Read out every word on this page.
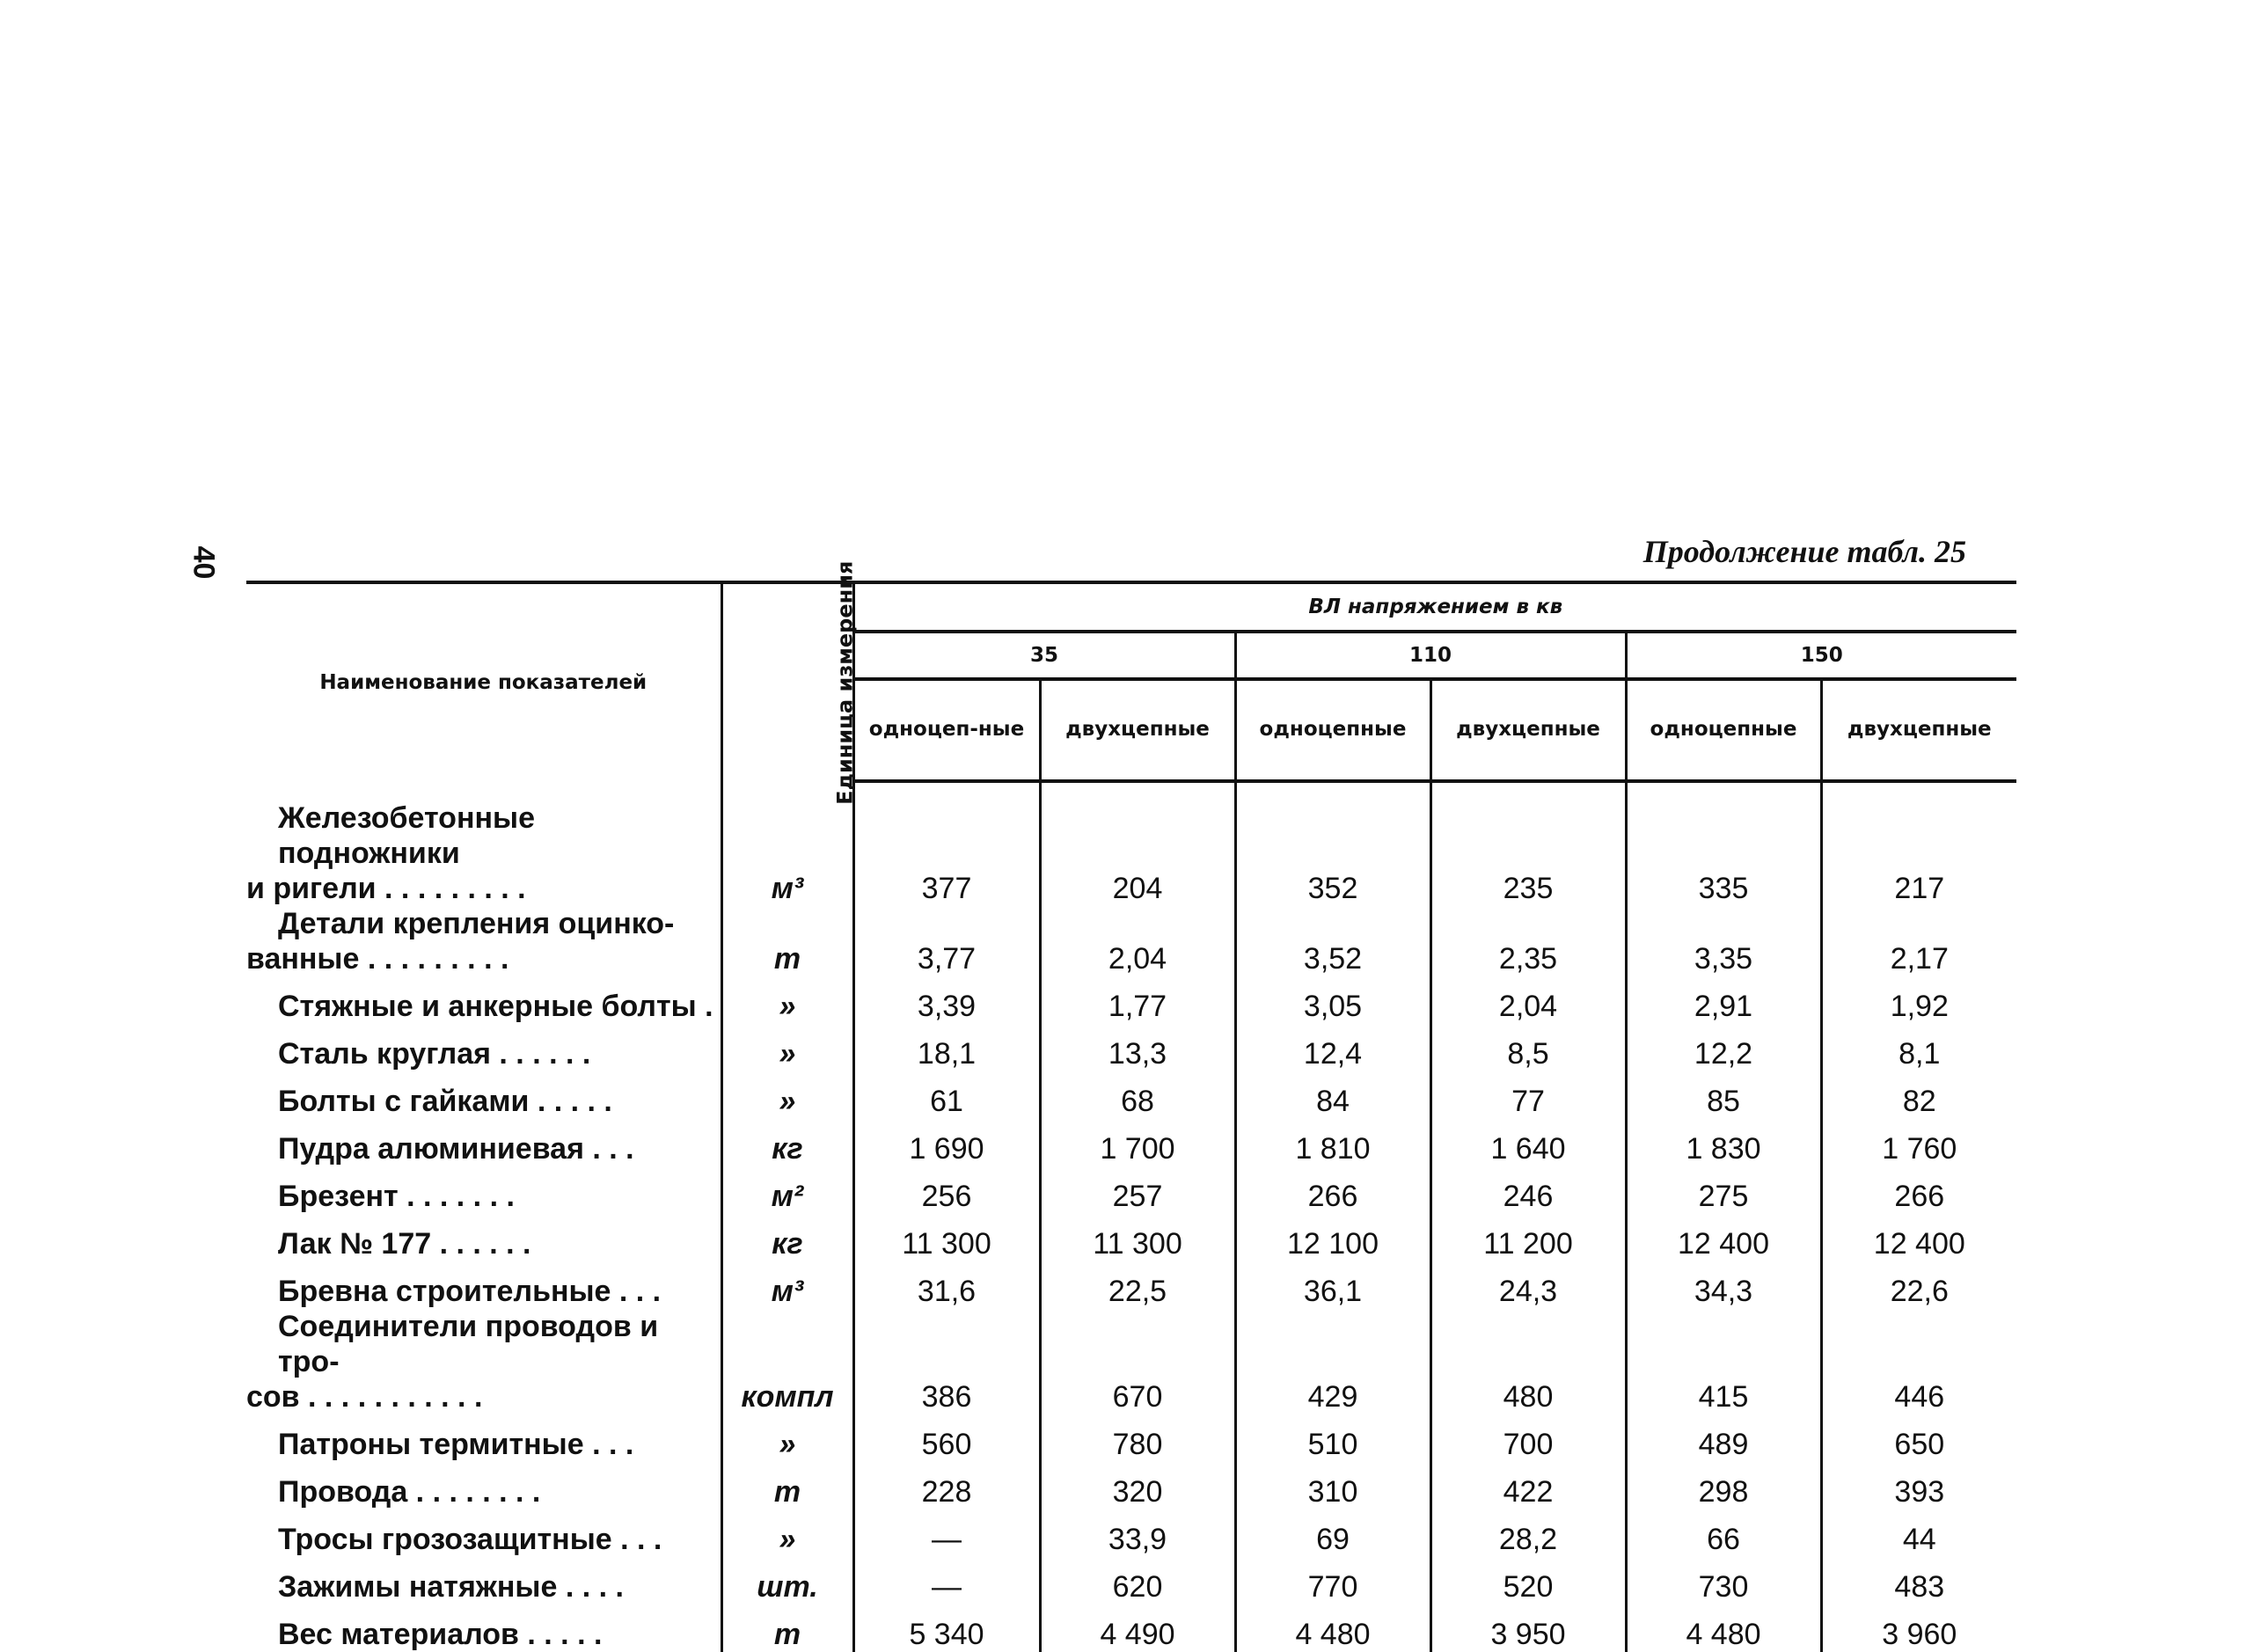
40	Продолжение табл. 25
Наименование показателей	Единица измерения	ВЛ напряжением в кв					
		35		110		150	
		одноцеп-ные	двухцепные	одноцепные	двухцепные	одноцепные	двухцепные

Железобетонные подножники
и ригели . . . . . . . . .	м³	377	204	352	235	335	217

Детали крепления оцинко-
ванные . . . . . . . . .	т	3,77	2,04	3,52	2,35	3,35	2,17
Стяжные и анкерные болты .	»	3,39	1,77	3,05	2,04	2,91	1,92
Сталь круглая . . . . . .	»	18,1	13,3	12,4	8,5	12,2	8,1
Болты с гайками . . . . .	»	61	68	84	77	85	82
Пудра алюминиевая . . .	кг	1 690	1 700	1 810	1 640	1 830	1 760
Брезент . . . . . . .	м²	256	257	266	246	275	266
Лак № 177 . . . . . .	кг	11 300	11 300	12 100	11 200	12 400	12 400
Бревна строительные . . .	м³	31,6	22,5	36,1	24,3	34,3	22,6

Соединители проводов и тро-
сов . . . . . . . . . . .	компл	386	670	429	480	415	446
Патроны термитные . . .	»	560	780	510	700	489	650
Провода . . . . . . . .	т	228	320	310	422	298	393
Тросы грозозащитные . . .	»	—	33,9	69	28,2	66	44
Зажимы натяжные . . . .	шт.	—	620	770	520	730	483
Вес материалов . . . . .	т	5 340	4 490	4 480	3 950	4 480	3 960
